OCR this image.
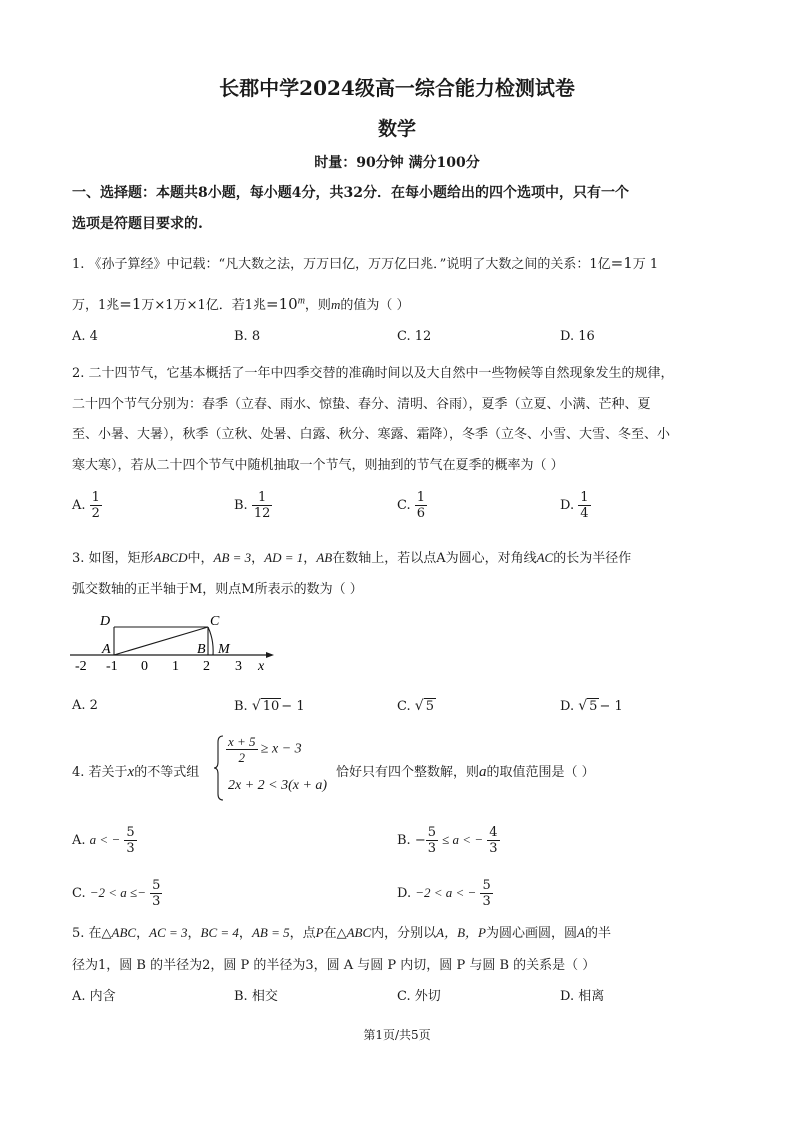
长郡中学2024级高一综合能力检测试卷
数学
时量：90分钟 满分100分
一、选择题：本题共8小题，每小题4分，共32分．在每小题给出的四个选项中，只有一个
选项是符题目要求的.
1. 《孙子算经》中记载：“凡大数之法，万万曰亿，万万亿曰兆．”说明了大数之间的关系：1亿=1万 1
万，1兆=1万×1万×1亿．若1兆$=10^m$，则m的值为（ ）
A. 4	B. 8	C. 12	D. 16
2. 二十四节气，它基本概括了一年中四季交替的准确时间以及大自然中一些物候等自然现象发生的规律，
二十四个节气分别为：春季（立春、雨水、惊蛰、春分、清明、谷雨），夏季（立夏、小满、芒种、夏
至、小暑、大暑），秋季（立秋、处暑、白露、秋分、寒露、霜降），冬季（立冬、小雪、大雪、冬至、小
寒大寒），若从二十四个节气中随机抽取一个节气，则抽到的节气在夏季的概率为（ ）
A. $\frac{1}{2}$	B. $\frac{1}{12}$	C. $\frac{1}{6}$	D. $\frac{1}{4}$
3. 如图，矩形ABCD中，AB = 3，AD = 1，AB在数轴上，若以点A为圆心，对角线AC的长为半径作
弧交数轴的正半轴于M，则点M所表示的数为（ ）
D	C
A	B M
x
-2 -1 0 1 2 3
A. 2	B. √ 10 − 1	C. √ 5	D. √ 5 − 1
4. 若关于x的不等式组
$\frac{x + 5}{2} \ge x - 3$
2x + 2 < 3(x + a)
恰好只有四个整数解，则a的取值范围是（ ）
A. a < − $\frac{5}{3}$	B. − $\frac{5}{3} \le a$ < − $\frac{4}{3}$
C. $-2 < a \le- \frac{5}{3}$	D. −2 < a < − $\frac{5}{3}$
5. 在△ABC，AC = 3，BC = 4，AB = 5，点P在△ABC内，分别以A，B，P为圆心画圆，圆A的半
径为1，圆 B 的半径为2，圆 P 的半径为3，圆 A 与圆 P 内切，圆 P 与圆 B 的关系是（ ）
A. 内含	B. 相交	C. 外切	D. 相离
第1页/共5页
